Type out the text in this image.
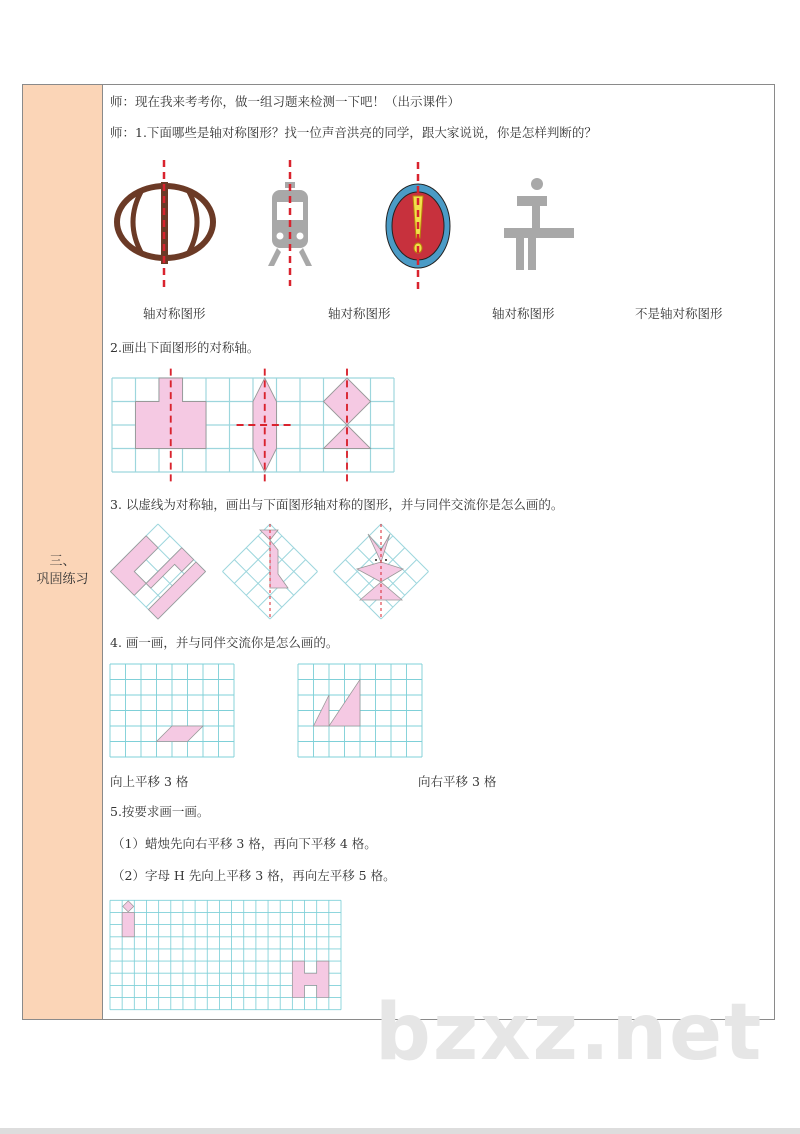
三、
巩固练习
师：现在我来考考你，做一组习题来检测一下吧！（出示课件）
师：1.下面哪些是轴对称图形？找一位声音洪亮的同学，跟大家说说，你是怎样判断的？
轴对称图形	轴对称图形	轴对称图形	不是轴对称图形
2.画出下面图形的对称轴。
3. 以虚线为对称轴，画出与下面图形轴对称的图形，并与同伴交流你是怎么画的。
4. 画一画，并与同伴交流你是怎么画的。
向上平移 3 格	向右平移 3 格
5.按要求画一画。
（1）蜡烛先向右平移 3 格，再向下平移 4 格。
（2）字母 H 先向上平移 3 格，再向左平移 5 格。
bzxz.net
